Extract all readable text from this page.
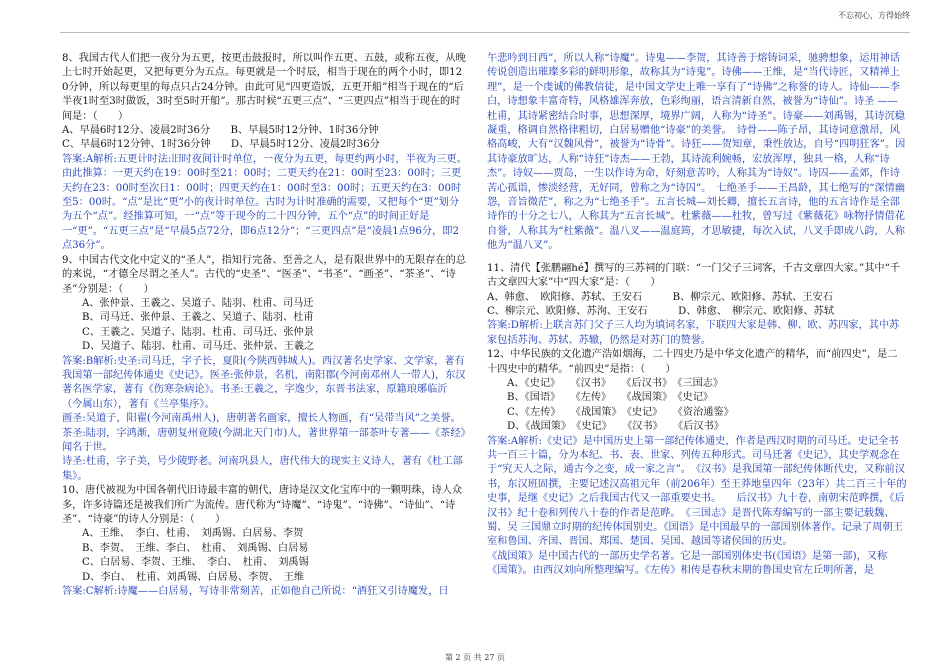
不忘初心，方得始终

8、我国古代人们把一夜分为五更，按更击鼓报时，所以叫作五更、五鼓，或称五夜，从晚上七时开始起更，又把每更分为五点。每更就是一个时辰，相当于现在的两个小时，即120分钟，所以每更里的每点只占24分钟。由此可见“四更造饭，五更开船”相当于现在的“后半夜1时至3时做饭，3时至5时开船”。那古时候“五更三点”、“三更四点”相当于现在的时间是：（　　）

A、早晨6时12分、凌晨2时36分　　B、早晨5时12分钟、1时36分钟

C、早晨6时12分钟、1时36分钟　　D、早晨5时12分、凌晨2时36分

答案:A解析:五更计时法:旧时夜间计时单位，一夜分为五更，每更约两小时，半夜为三更。由此推算：一更天约在19：00时至21：00时；二更天约在21：00时至23：00时；三更天约在23：00时至次日1：00时；四更天约在1：00时至3：00时；五更天约在3：00时至5：00时。“点”是比“更”小的夜计时单位。古时为计时准确的需要，又把每个“更”划分为五个“点”。经推算可知，一“点”等于现今的二十四分钟，五个“点”的时间正好是一“更”。“五更三点”是“早晨5点72分，即6点12分”；“三更四点”是“凌晨1点96分，即2点36分”。

9、中国古代文化中定义的“圣人”，指知行完备、至善之人，是有限世界中的无限存在的总的来说，“才德全尽谓之圣人”。古代的“史圣”、“医圣”、“书圣”、“画圣”、“茶圣”、“诗圣”分别是：（　　）

A、张仲景、王羲之、吴道子、陆羽、杜甫、司马迁

B、司马迁、张仲景、王羲之、吴道子、陆羽、杜甫

C、王羲之、吴道子、陆羽、杜甫、司马迁、张仲景

D、吴道子、陆羽、杜甫、司马迁、张仲景、王羲之

答案:B解析:史圣:司马迁，字子长，夏阳(今陕西韩城人)。西汉著名史学家、文学家，著有我国第一部纪传体通史《史记》。医圣:张仲景，名机，南阳郡(今河南邓州人一带人)，东汉著名医学家，著有《伤寒杂病论》。书圣:王羲之，字逸少，东晋书法家，原籍琅琊临沂（今属山东），著有《兰亭集序》。

画圣:吴道子，阳翟(今河南禹州人)，唐朝著名画家，擅长人物画，有“吴带当风”之美誉。

茶圣:陆羽，字鸿渐，唐朝复州竟陵(今湖北天门市)人，著世界第一部茶叶专著——《茶经》闻名于世。

诗圣:杜甫，字子美，号少陵野老。河南巩县人，唐代伟大的现实主义诗人，著有《杜工部集》。

10、唐代被视为中国各朝代旧诗最丰富的朝代，唐诗是汉文化宝库中的一颗明珠，诗人众多，许多诗篇还是被我们所广为流传。唐代称为“诗魔”、“诗鬼”、“诗佛”、“诗仙”、“诗圣”、“诗豪”的诗人分别是：（　　）

A、王维、　李白、杜甫、　刘禹锡、白居易、李贺

B、李贺、　王维、李白、　杜甫、　刘禹锡、白居易

C、白居易、李贺、王维、　李白、　杜甫、　刘禹锡

D、李白、　杜甫、刘禹锡、白居易、李贺、　王维

答案:C解析:诗魔——白居易，写诗非常刻苦，正如他自己所说：“酒狂又引诗魔发，日

午悲吟到日西”，所以人称“诗魔”。诗鬼——李贺，其诗善于熔铸词采，驰骋想象，运用神话传说创造出璀璨多彩的鲜明形象，故称其为“诗鬼”。诗佛——王维，是“当代诗匠，又精禅上理”，是一个虔诚的佛教信徒，是中国文学史上唯一享有了“诗佛”之称誉的诗人。诗仙——李白，诗想象丰富奇特，风格雄浑奔放，色彩绚丽，语言清新自然，被誉为“诗仙”。诗圣 —— 杜甫，其诗紧密结合时事，思想深厚，境界广阔，人称为“诗圣”。诗豪——刘禹锡，其诗沉稳凝重，格调自然格律粗切，白居易赠他“诗豪”的美誉。　诗骨——陈子昂，其诗词意激昂，风格高峻，大有“汉魏风骨”，被誉为“诗骨”。诗狂——贺知章，秉性放达，自号“四明狂客”。因其诗豪放旷达，人称“诗狂”诗杰——王勃，其诗流利婉畅，宏放浑厚，独具一格，人称“诗杰”。诗奴——贾岛，一生以作诗为命，好刻意苦吟，人称其为“诗奴”。诗囚——孟郊，作诗苦心孤诣，惨淡经营，无好同，曾称之为“诗囚”。　七绝圣手——王昌龄，其七绝写的“深情幽怨，音旨微茫”，称之为“七绝圣手”。五言长城—刘长卿，擅长五言诗，他的五言诗作是全部诗作的十分之七八，人称其为“五言长城”。杜紫薇——杜牧，曾写过《紫薇花》咏物抒情借花自誉，人称其为“杜紫薇”。温八叉——温庭筠，才思敏捷，每次入试，八叉手即成八韵，人称他为“温八叉”。

11、清代【张鹏翮hé】撰写的三苏祠的门联：“一门父子三词客，千古文章四大家。”其中“千古文章四大家”中“四大家”是：（　　）

A、韩愈、　欧阳修、苏轼、王安石　　　B、柳宗元、欧阳修、苏轼、王安石

C、柳宗元、欧阳修、苏洵、王安石　　　D、韩愈、　柳宗元、欧阳修、苏轼

答案:D解析:上联言苏门父子三人均为填词名家，下联四大家是韩、柳、欧、苏四家，其中苏家包括苏洵、苏轼、苏辙，仍然是对苏门的赞誉。

12、中华民族的文化遗产浩如烟海，二十四史乃是中华文化遗产的精华，而“前四史”，是二十四史中的精华。“前四史”是指：（　　）

A、《史记》　　《汉书》　　《后汉书》　《三国志》

B、《国语》　　《左传》　　《战国策》　《史记》

C、《左传》　　《战国策》　《史记》　　《资治通鉴》

D、《战国策》　《史记》　　《汉书》　　《后汉书》

答案:A解析:《史记》是中国历史上第一部纪传体通史，作者是西汉时期的司马迁。史记全书共一百三十篇，分为本纪、书、表、世家、列传五种形式。司马迁著《史记》，其史学观念在于“究天人之际，通古今之变，成一家之言”。　《汉书》是我国第一部纪传体断代史，又称前汉书，东汉班固撰，主要记述汉高祖元年（前206年）至王莽地皇四年（23年）共二百三十年的史事，是继《史记》之后我国古代又一部重要史书。　　后汉书》九十卷，南朝宋范晔撰，《后汉书》纪十卷和列传八十卷的作者是范晔。　《三国志》是晋代陈寿编写的一部主要记载魏、蜀、吴 三国鼎立时期的纪传体国别史。《国语》是中国最早的一部国别体著作。记录了周朝王室和鲁国、齐国、晋国、郑国、楚国、吴国、越国等诸侯国的历史。

《战国策》是中国古代的一部历史学名著。它是一部国别体史书(《国语》是第一部)，又称《国策》。由西汉刘向所整理编写。《左传》相传是春秋末期的鲁国史官左丘明所著，是

第 2 页 共 27 页
